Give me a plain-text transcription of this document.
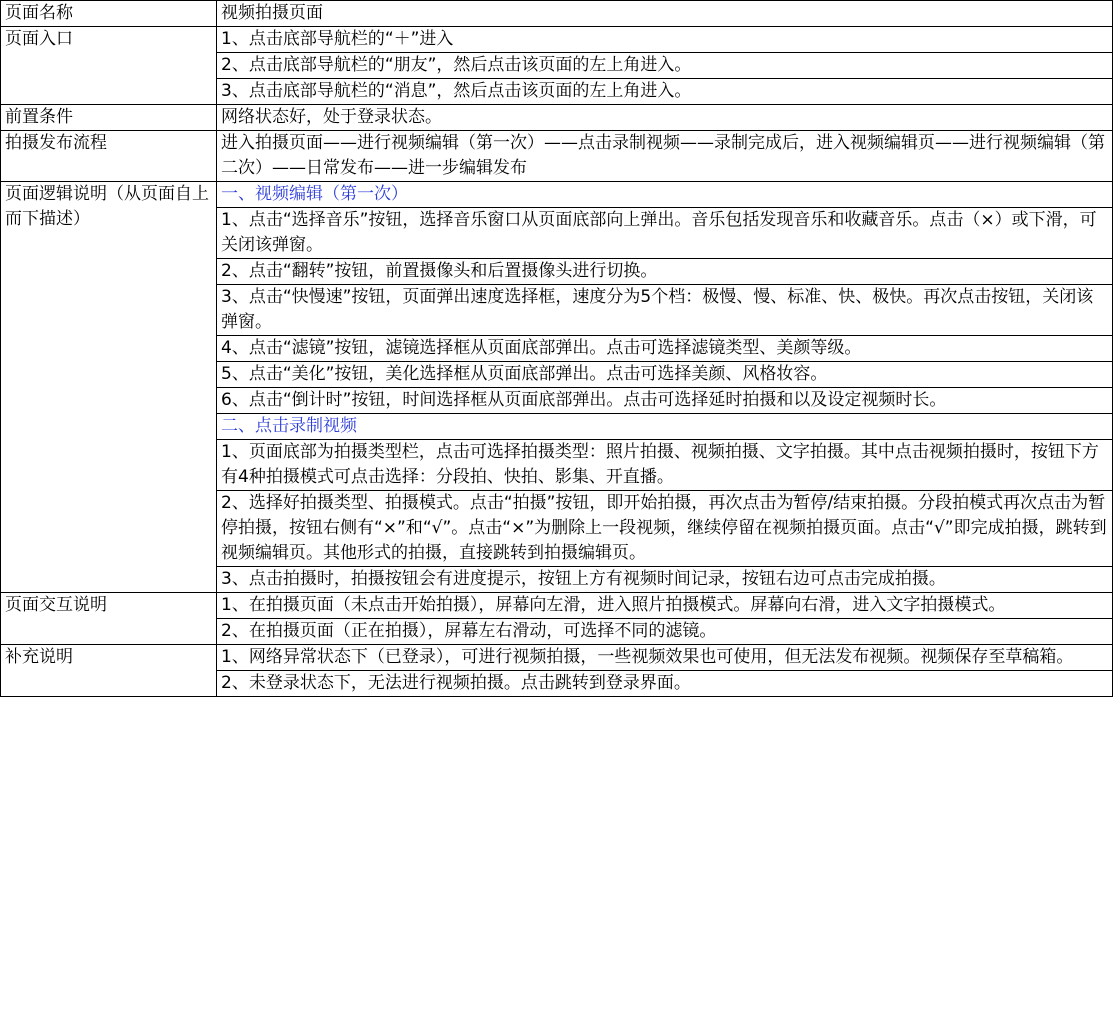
页面名称	视频拍摄页面
页面入口	1、点击底部导航栏的“＋”进入
	2、点击底部导航栏的“朋友”，然后点击该页面的左上角进入。
	3、点击底部导航栏的“消息”，然后点击该页面的左上角进入。
前置条件	网络状态好，处于登录状态。
拍摄发布流程	进入拍摄页面——进行视频编辑（第一次）——点击录制视频——录制完成后，进入视频编辑页——进行视频编辑（第二次）——日常发布——进一步编辑发布
页面逻辑说明（从页面自上而下描述）	一、视频编辑（第一次）
	1、点击“选择音乐”按钮，选择音乐窗口从页面底部向上弹出。音乐包括发现音乐和收藏音乐。点击（×）或下滑，可关闭该弹窗。
	2、点击“翻转”按钮，前置摄像头和后置摄像头进行切换。
	3、点击“快慢速”按钮，页面弹出速度选择框，速度分为5个档：极慢、慢、标准、快、极快。再次点击按钮，关闭该弹窗。
	4、点击“滤镜”按钮，滤镜选择框从页面底部弹出。点击可选择滤镜类型、美颜等级。
	5、点击“美化”按钮，美化选择框从页面底部弹出。点击可选择美颜、风格妆容。
	6、点击“倒计时”按钮，时间选择框从页面底部弹出。点击可选择延时拍摄和以及设定视频时长。
	二、点击录制视频
	1、页面底部为拍摄类型栏，点击可选择拍摄类型：照片拍摄、视频拍摄、文字拍摄。其中点击视频拍摄时，按钮下方有4种拍摄模式可点击选择：分段拍、快拍、影集、开直播。
	2、选择好拍摄类型、拍摄模式。点击“拍摄”按钮，即开始拍摄，再次点击为暂停/结束拍摄。分段拍模式再次点击为暂停拍摄，按钮右侧有“×”和“√”。点击“×”为删除上一段视频，继续停留在视频拍摄页面。点击“√”即完成拍摄，跳转到视频编辑页。其他形式的拍摄，直接跳转到拍摄编辑页。
	3、点击拍摄时，拍摄按钮会有进度提示，按钮上方有视频时间记录，按钮右边可点击完成拍摄。
页面交互说明	1、在拍摄页面（未点击开始拍摄），屏幕向左滑，进入照片拍摄模式。屏幕向右滑，进入文字拍摄模式。
	2、在拍摄页面（正在拍摄），屏幕左右滑动，可选择不同的滤镜。
补充说明	1、网络异常状态下（已登录），可进行视频拍摄，一些视频效果也可使用，但无法发布视频。视频保存至草稿箱。
	2、未登录状态下，无法进行视频拍摄。点击跳转到登录界面。
